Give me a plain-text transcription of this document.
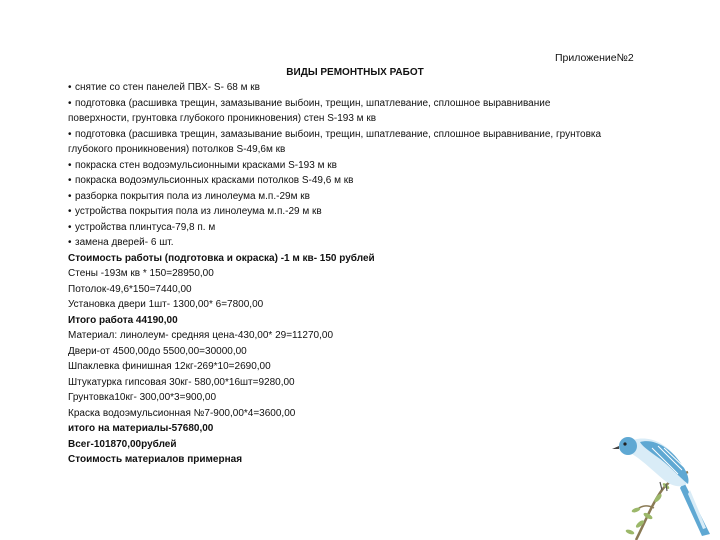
Приложение№2
ВИДЫ РЕМОНТНЫХ РАБОТ
• снятие со стен панелей ПВХ- S- 68 м кв
• подготовка (расшивка трещин, замазывание выбоин, трещин, шпатлевание, сплошное выравнивание поверхности, грунтовка глубокого проникновения) стен S-193 м кв
• подготовка (расшивка трещин, замазывание выбоин, трещин, шпатлевание, сплошное выравнивание, грунтовка глубокого проникновения) потолков S-49,6м кв
• покраска стен водоэмульсионными красками S-193 м кв
• покраска водоэмульсионных красками потолков S-49,6 м кв
• разборка покрытия пола из линолеума м.п.-29м кв
• устройства покрытия пола из линолеума м.п.-29 м кв
• устройства плинтуса-79,8 п. м
• замена дверей- 6 шт.
Стоимость работы (подготовка и окраска) -1 м кв- 150 рублей
Стены -193м кв * 150=28950,00
Потолок-49,6*150=7440,00
Установка двери 1шт- 1300,00* 6=7800,00
Итого работа 44190,00
Материал: линолеум- средняя цена-430,00* 29=11270,00
Двери-от 4500,00до 5500,00=30000,00
Шпаклевка финишная 12кг-269*10=2690,00
Штукатурка гипсовая 30кг- 580,00*16шт=9280,00
Грунтовка10кг- 300,00*3=900,00
Краска водоэмульсионная №7-900,00*4=3600,00
итого на материалы-57680,00
Всег-101870,00рублей
Стоимость материалов примерная
